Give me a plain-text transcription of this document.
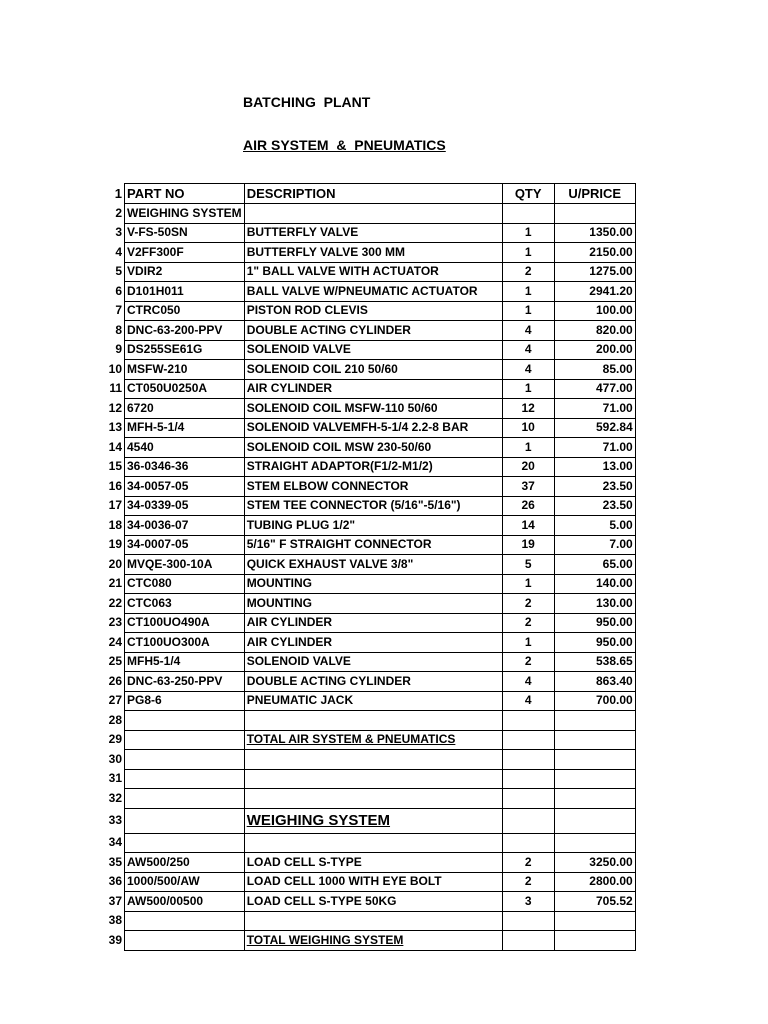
BATCHING  PLANT
AIR SYSTEM  &  PNEUMATICS
1	PART NO	DESCRIPTION	QTY	U/PRICE
2	WEIGHING SYSTEM			
3	V-FS-50SN	BUTTERFLY VALVE	1	1350.00
4	V2FF300F	BUTTERFLY VALVE 300 MM	1	2150.00
5	VDIR2	1" BALL VALVE WITH ACTUATOR	2	1275.00
6	D101H011	BALL VALVE W/PNEUMATIC ACTUATOR	1	2941.20
7	CTRC050	PISTON ROD CLEVIS	1	100.00
8	DNC-63-200-PPV	DOUBLE ACTING CYLINDER	4	820.00
9	DS255SE61G	SOLENOID VALVE	4	200.00
10	MSFW-210	SOLENOID COIL 210 50/60	4	85.00
11	CT050U0250A	AIR CYLINDER	1	477.00
12	6720	SOLENOID COIL MSFW-110 50/60	12	71.00
13	MFH-5-1/4	SOLENOID VALVEMFH-5-1/4 2.2-8 BAR	10	592.84
14	4540	SOLENOID COIL MSW 230-50/60	1	71.00
15	36-0346-36	STRAIGHT ADAPTOR(F1/2-M1/2)	20	13.00
16	34-0057-05	STEM ELBOW CONNECTOR	37	23.50
17	34-0339-05	STEM TEE CONNECTOR (5/16"-5/16")	26	23.50
18	34-0036-07	TUBING PLUG 1/2"	14	5.00
19	34-0007-05	5/16" F STRAIGHT CONNECTOR	19	7.00
20	MVQE-300-10A	QUICK EXHAUST VALVE 3/8"	5	65.00
21	CTC080	MOUNTING	1	140.00
22	CTC063	MOUNTING	2	130.00
23	CT100UO490A	AIR CYLINDER	2	950.00
24	CT100UO300A	AIR CYLINDER	1	950.00
25	MFH5-1/4	SOLENOID VALVE	2	538.65
26	DNC-63-250-PPV	DOUBLE ACTING CYLINDER	4	863.40
27	PG8-6	PNEUMATIC JACK	4	700.00
28				
29		TOTAL AIR SYSTEM & PNEUMATICS		
30				
31				
32				
33		WEIGHING SYSTEM		
34				
35	AW500/250	LOAD CELL S-TYPE	2	3250.00
36	1000/500/AW	LOAD CELL 1000 WITH EYE BOLT	2	2800.00
37	AW500/00500	LOAD CELL S-TYPE 50KG	3	705.52
38				
39		TOTAL WEIGHING SYSTEM		
